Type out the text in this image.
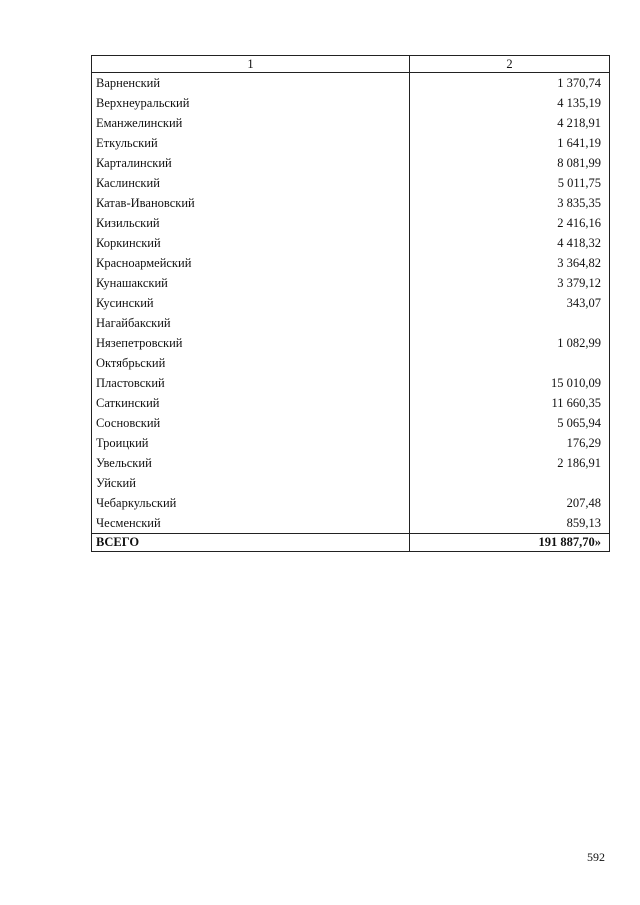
1	2
Варненский	1 370,74
Верхнеуральский	4 135,19
Еманжелинский	4 218,91
Еткульский	1 641,19
Карталинский	8 081,99
Каслинский	5 011,75
Катав-Ивановский	3 835,35
Кизильский	2 416,16
Коркинский	4 418,32
Красноармейский	3 364,82
Кунашакский	3 379,12
Кусинский	343,07
Нагайбакский	
Нязепетровский	1 082,99
Октябрьский	
Пластовский	15 010,09
Саткинский	11 660,35
Сосновский	5 065,94
Троицкий	176,29
Увельский	2 186,91
Уйский	
Чебаркульский	207,48
Чесменский	859,13
ВСЕГО	191 887,70»
592
